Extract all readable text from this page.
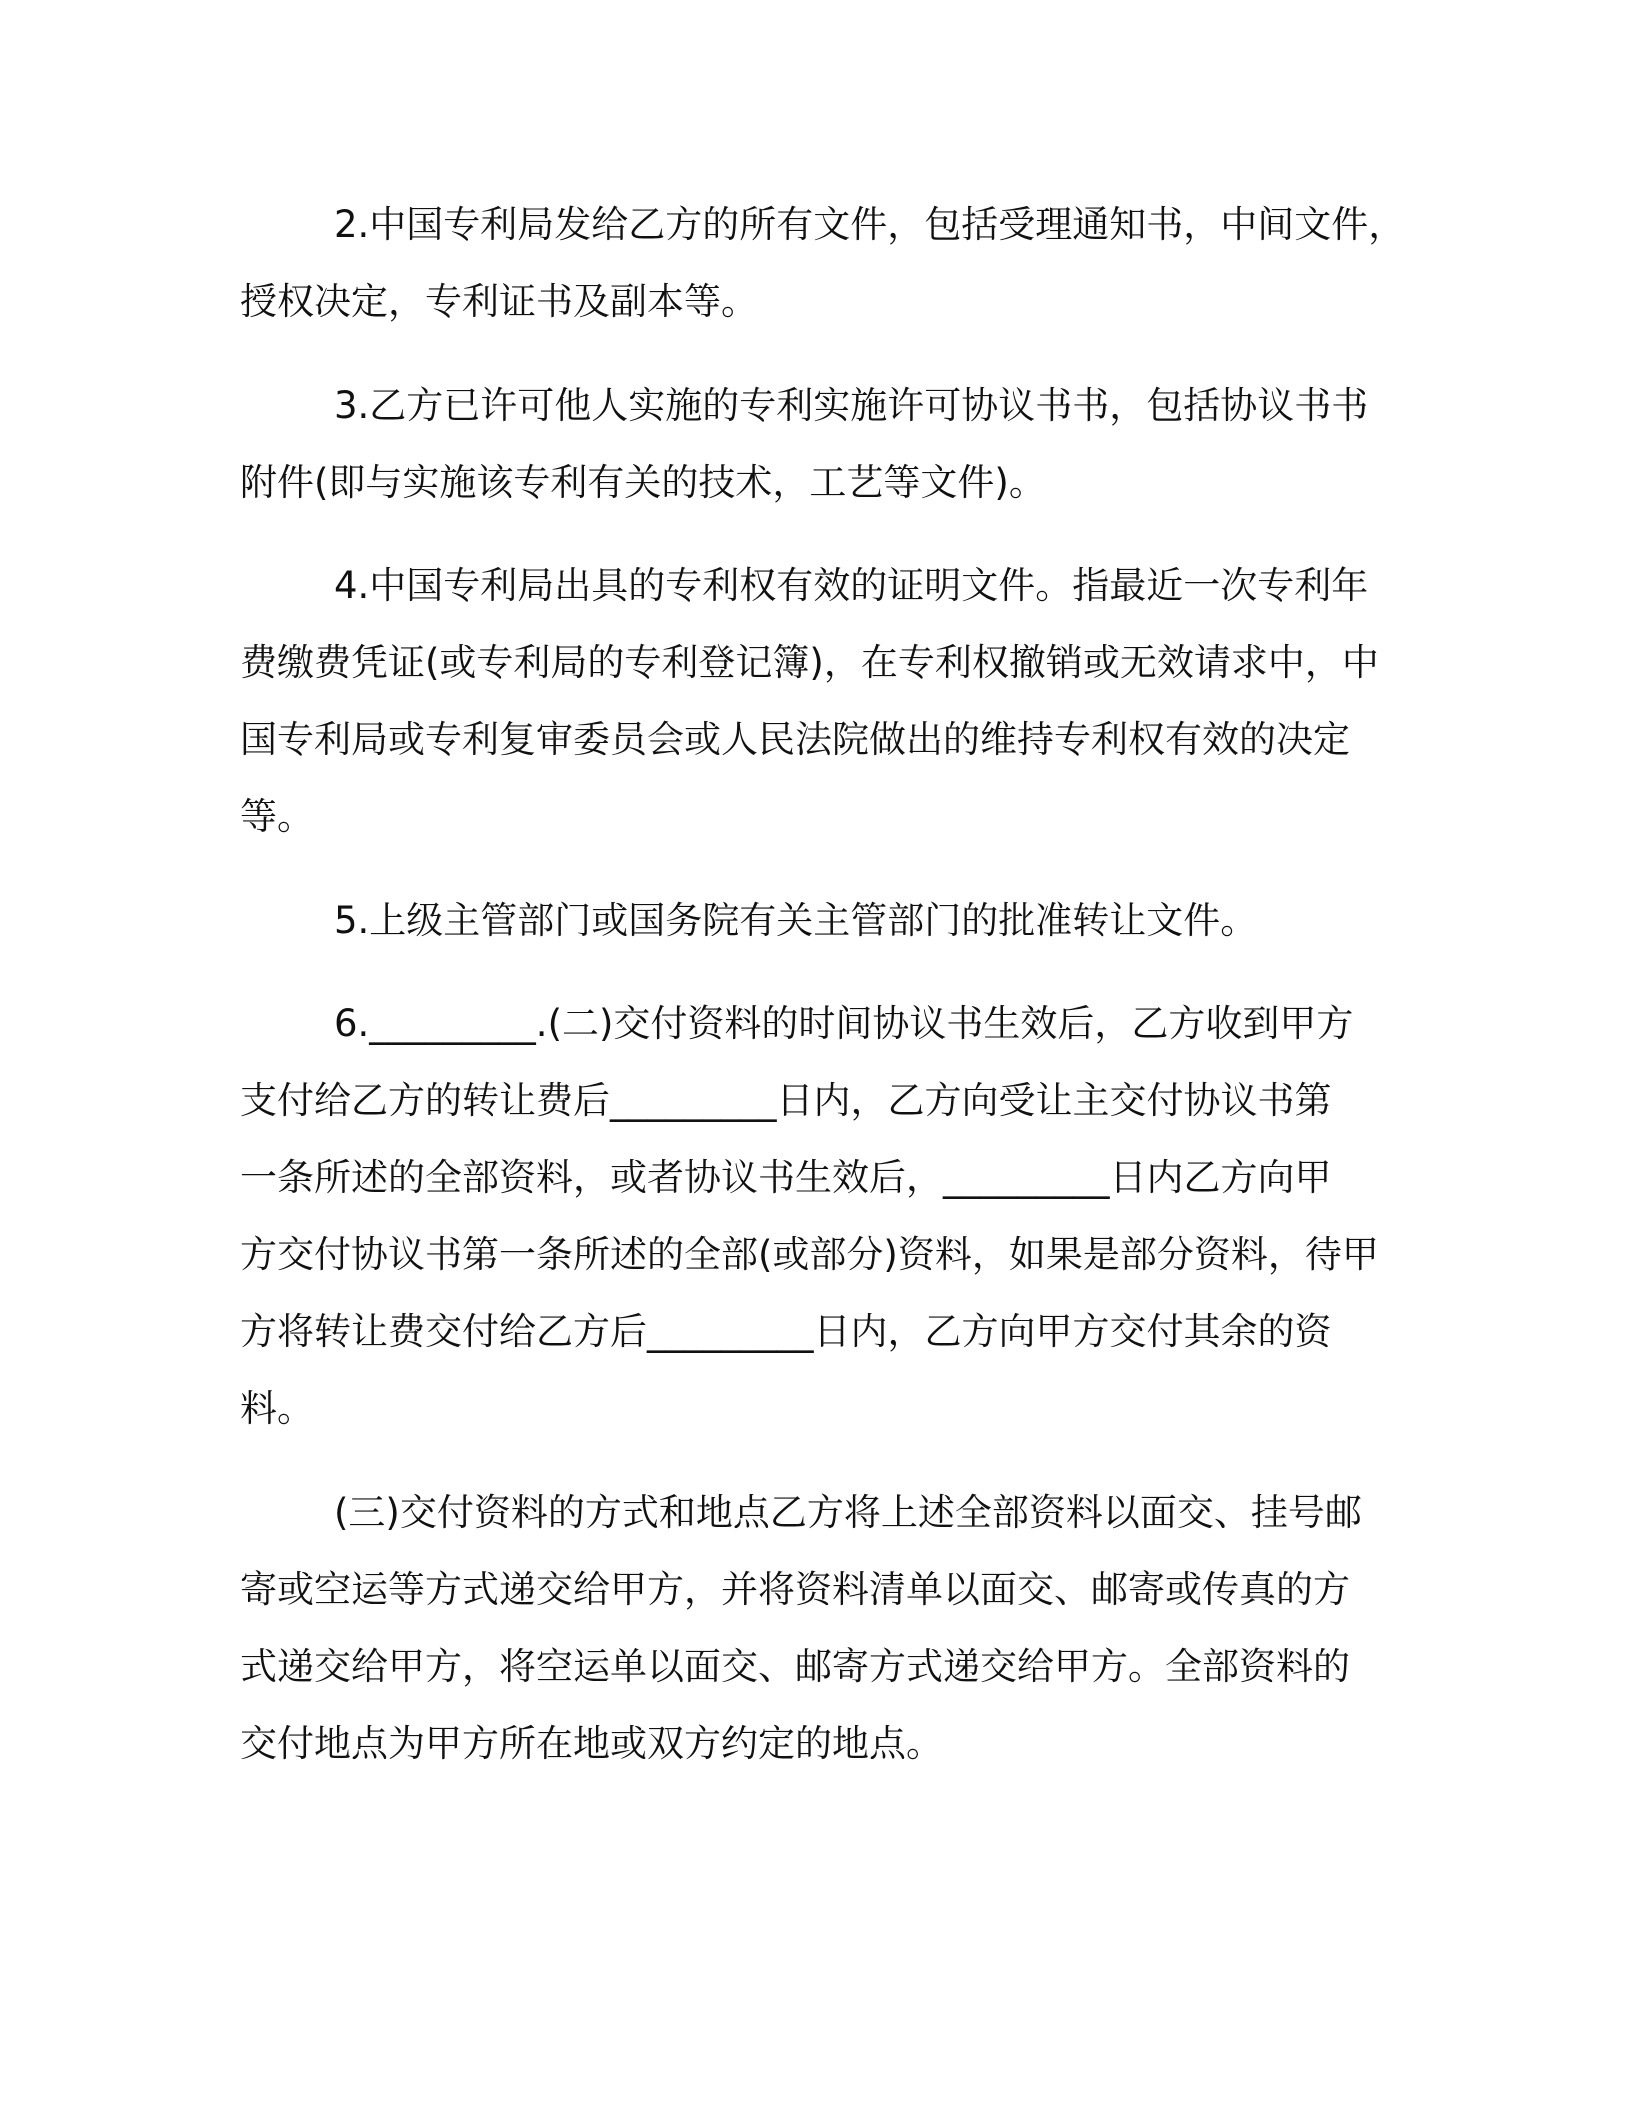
2.中国专利局发给乙方的所有文件，包括受理通知书，中间文件，
授权决定，专利证书及副本等。

3.乙方已许可他人实施的专利实施许可协议书书，包括协议书书
附件(即与实施该专利有关的技术，工艺等文件)。

4.中国专利局出具的专利权有效的证明文件。指最近一次专利年
费缴费凭证(或专利局的专利登记簿)，在专利权撤销或无效请求中，中
国专利局或专利复审委员会或人民法院做出的维持专利权有效的决定
等。

5.上级主管部门或国务院有关主管部门的批准转让文件。

6._________.(二)交付资料的时间协议书生效后，乙方收到甲方
支付给乙方的转让费后_________日内，乙方向受让主交付协议书第
一条所述的全部资料，或者协议书生效后，_________日内乙方向甲
方交付协议书第一条所述的全部(或部分)资料，如果是部分资料，待甲
方将转让费交付给乙方后_________日内，乙方向甲方交付其余的资
料。

(三)交付资料的方式和地点乙方将上述全部资料以面交、挂号邮
寄或空运等方式递交给甲方，并将资料清单以面交、邮寄或传真的方
式递交给甲方，将空运单以面交、邮寄方式递交给甲方。全部资料的
交付地点为甲方所在地或双方约定的地点。
